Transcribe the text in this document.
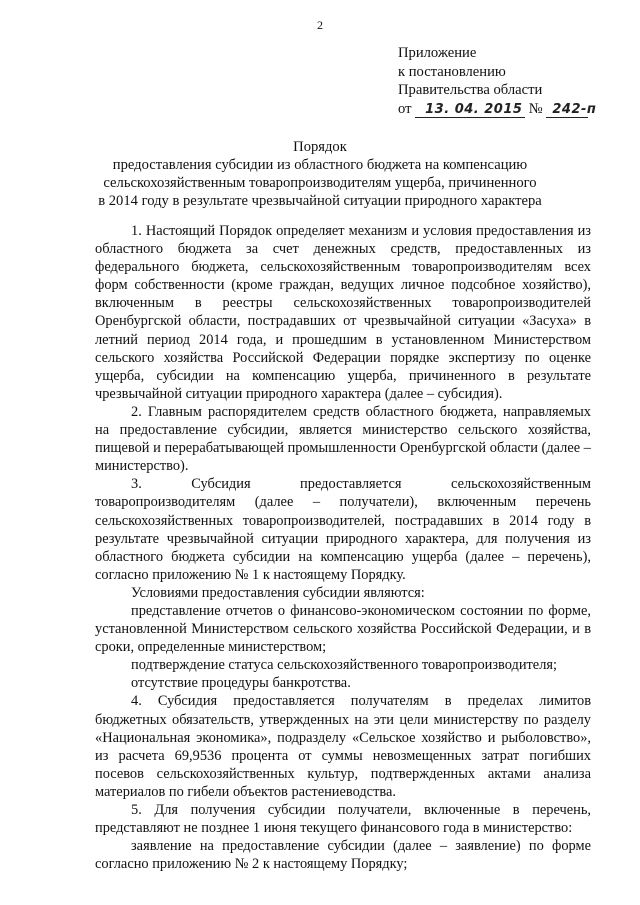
2
Приложение
к постановлению
Правительства области
от 13. 04. 2015 № 242-п
Порядок
предоставления субсидии из областного бюджета на компенсацию
сельскохозяйственным товаропроизводителям ущерба, причиненного
в 2014 году в результате чрезвычайной ситуации природного характера

1. Настоящий Порядок определяет механизм и условия предоставления из областного бюджета за счет денежных средств, предоставленных из федерального бюджета, сельскохозяйственным товаропроизводителям всех форм собственности (кроме граждан, ведущих личное подсобное хозяйство), включенным в реестры сельскохозяйственных товаропроизводителей Оренбургской области, пострадавших от чрезвычайной ситуации «Засуха» в летний период 2014 года, и прошедшим в установленном Министерством сельского хозяйства Российской Федерации порядке экспертизу по оценке ущерба, субсидии на компенсацию ущерба, причиненного в результате чрезвычайной ситуации природного характера (далее – субсидия).

2. Главным распорядителем средств областного бюджета, направляемых на предоставление субсидии, является министерство сельского хозяйства, пищевой и перерабатывающей промышленности Оренбургской области (далее – министерство).

3. Субсидия предоставляется сельскохозяйственным товаропроизводителям (далее – получатели), включенным перечень сельскохозяйственных товаропроизводителей, пострадавших в 2014 году в результате чрезвычайной ситуации природного характера, для получения из областного бюджета субсидии на компенсацию ущерба (далее – перечень), согласно приложению № 1 к настоящему Порядку.

Условиями предоставления субсидии являются:

представление отчетов о финансово-экономическом состоянии по форме, установленной Министерством сельского хозяйства Российской Федерации, и в сроки, определенные министерством;

подтверждение статуса сельскохозяйственного товаропроизводителя;

отсутствие процедуры банкротства.

4. Субсидия предоставляется получателям в пределах лимитов бюджетных обязательств, утвержденных на эти цели министерству по разделу «Национальная экономика», подразделу «Сельское хозяйство и рыболовство», из расчета 69,9536 процента от суммы невозмещенных затрат погибших посевов сельскохозяйственных культур, подтвержденных актами анализа материалов по гибели объектов растениеводства.

5. Для получения субсидии получатели, включенные в перечень, представляют не позднее 1 июня текущего финансового года в министерство:

заявление на предоставление субсидии (далее – заявление) по форме согласно приложению № 2 к настоящему Порядку;
